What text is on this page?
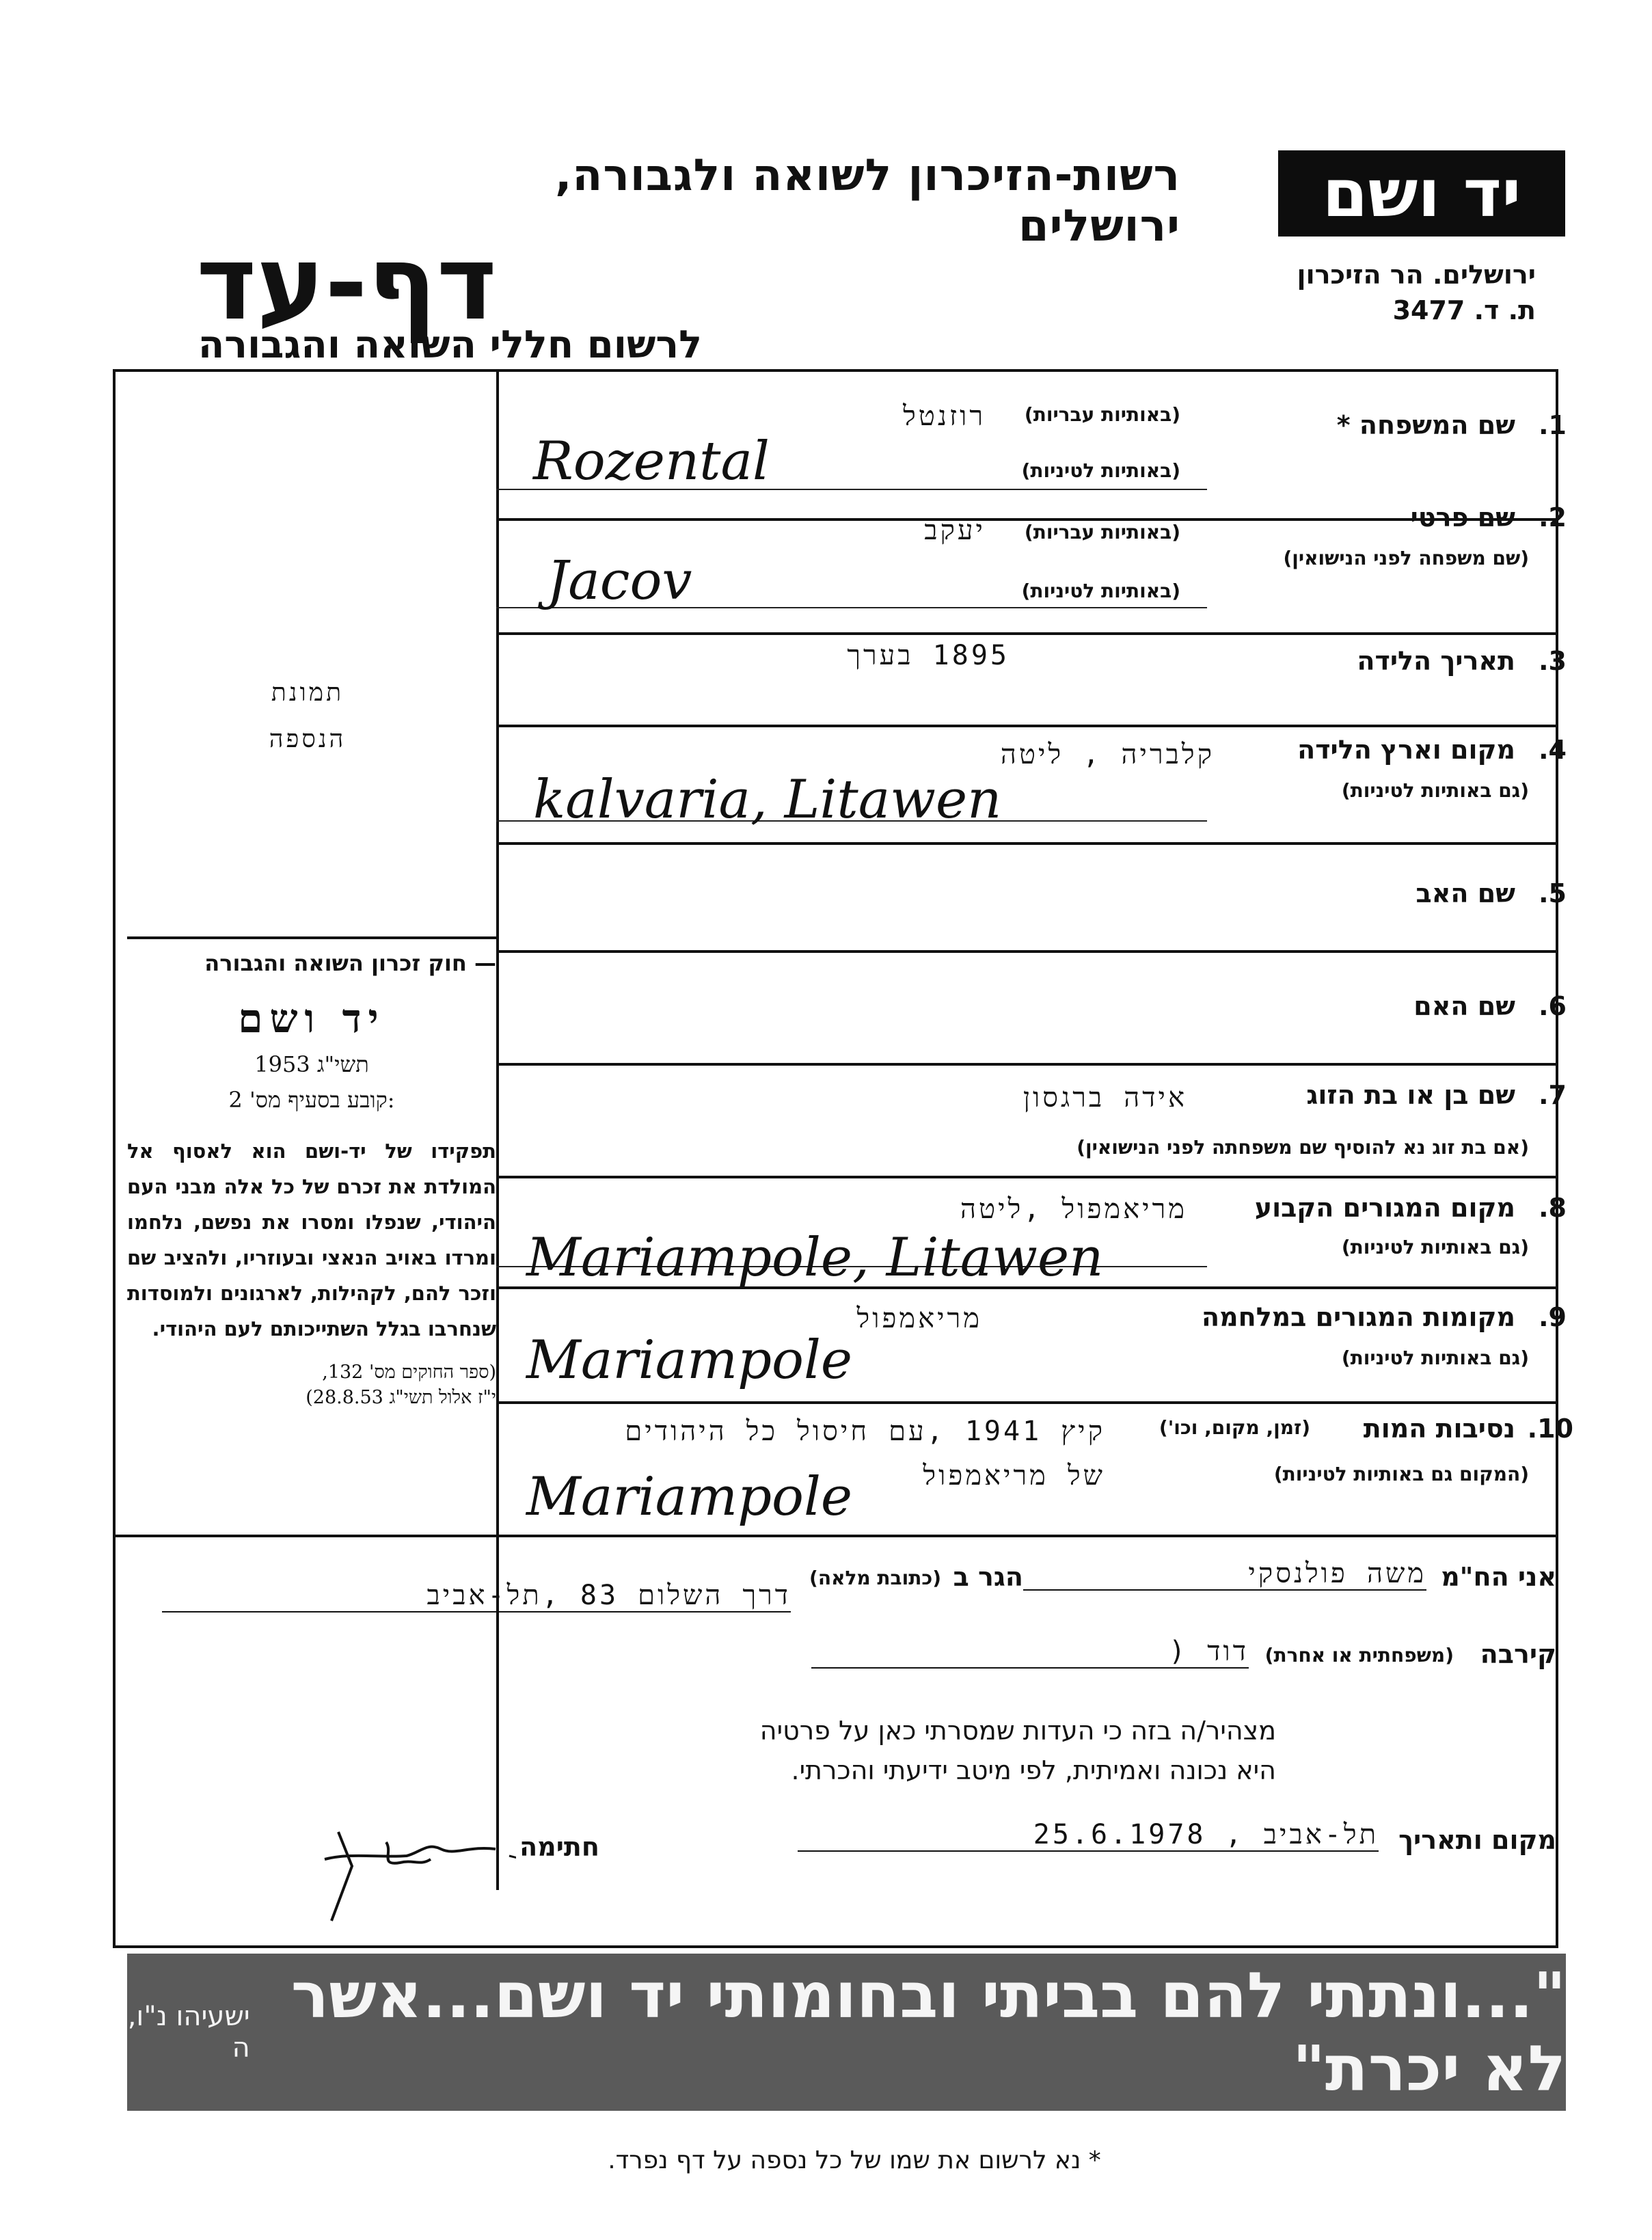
רשות-הזיכרון לשואה ולגבורה, ירושלים
דף-עד
לרשום חללי השואה והגבורה
יד ושם
ירושלים. הר הזיכרון
ת. ד. 3477
תמונת
הנספה
חוק זכרון השואה והגבורה —
יד ושם
תשי"ג 1953
קובע בסעיף מס' 2:
תפקידו של יד-ושם הוא לאסוף אל המולדת את זכרם של כל אלה מבני העם היהודי, שנפלו ומסרו את נפשם, נלחמו ומרדו באויב הנאצי ובעוזריו, ולהציב שם וזכר להם, לקהילות, לארגונים ולמוסדות שנחרבו בגלל השתייכותם לעם היהודי.
(ספר החוקים מס' 132,
י"ז אלול תשי"ג 28.8.53)
1.
שם המשפחה *
(באותיות עבריות)
רוזנטל
(באותיות לטיניות)
Rozental
2.
שם פרטי
(שם משפחה לפני הנישואין)
(באותיות עבריות)
יעקב
(באותיות לטיניות)
Jacov
3.
תאריך הלידה
1895 בערך
4.
מקום וארץ הלידה
(גם באותיות לטיניות)
קלבריה , ליטה
kalvaria, Litawen
5.
שם האב
6.
שם האם
7.
שם בן או בת הזוג
אידה ברגסון
(אם בת זוג נא להוסיף שם משפחתה לפני הנישואין)
8.
מקום המגורים הקבוע
(גם באותיות לטיניות)
מריאמפול ,ליטה
Mariampole, Litawen
9.
מקומות המגורים במלחמה
(גם באותיות לטיניות)
מריאמפול
Mariampole
10.
נסיבות המות
(זמן, מקום, וכו')
(המקום גם באותיות לטיניות)
קיץ 1941 ,עם חיסול כל היהודים
של מריאמפול
Mariampole
אני הח"מ
משה פולנסקי
הגר ב
(כתובת מלאה)
דרך השלום 83 ,תל-אביב
קירבה
(משפחתית או אחרת)
דוד (
מצהיר/ה בזה כי העדות שמסרתי כאן על פרטיה
היא נכונה ואמיתית, לפי מיטב ידיעתי והכרתי.
מקום ותאריך
תל-אביב , 25.6.1978
חתימה
"...ונתתי להם בביתי ובחומותי יד ושם...אשר לא יכרת"
ישעיהו נ"ו, ה
* נא לרשום את שמו של כל נספה על דף נפרד.
